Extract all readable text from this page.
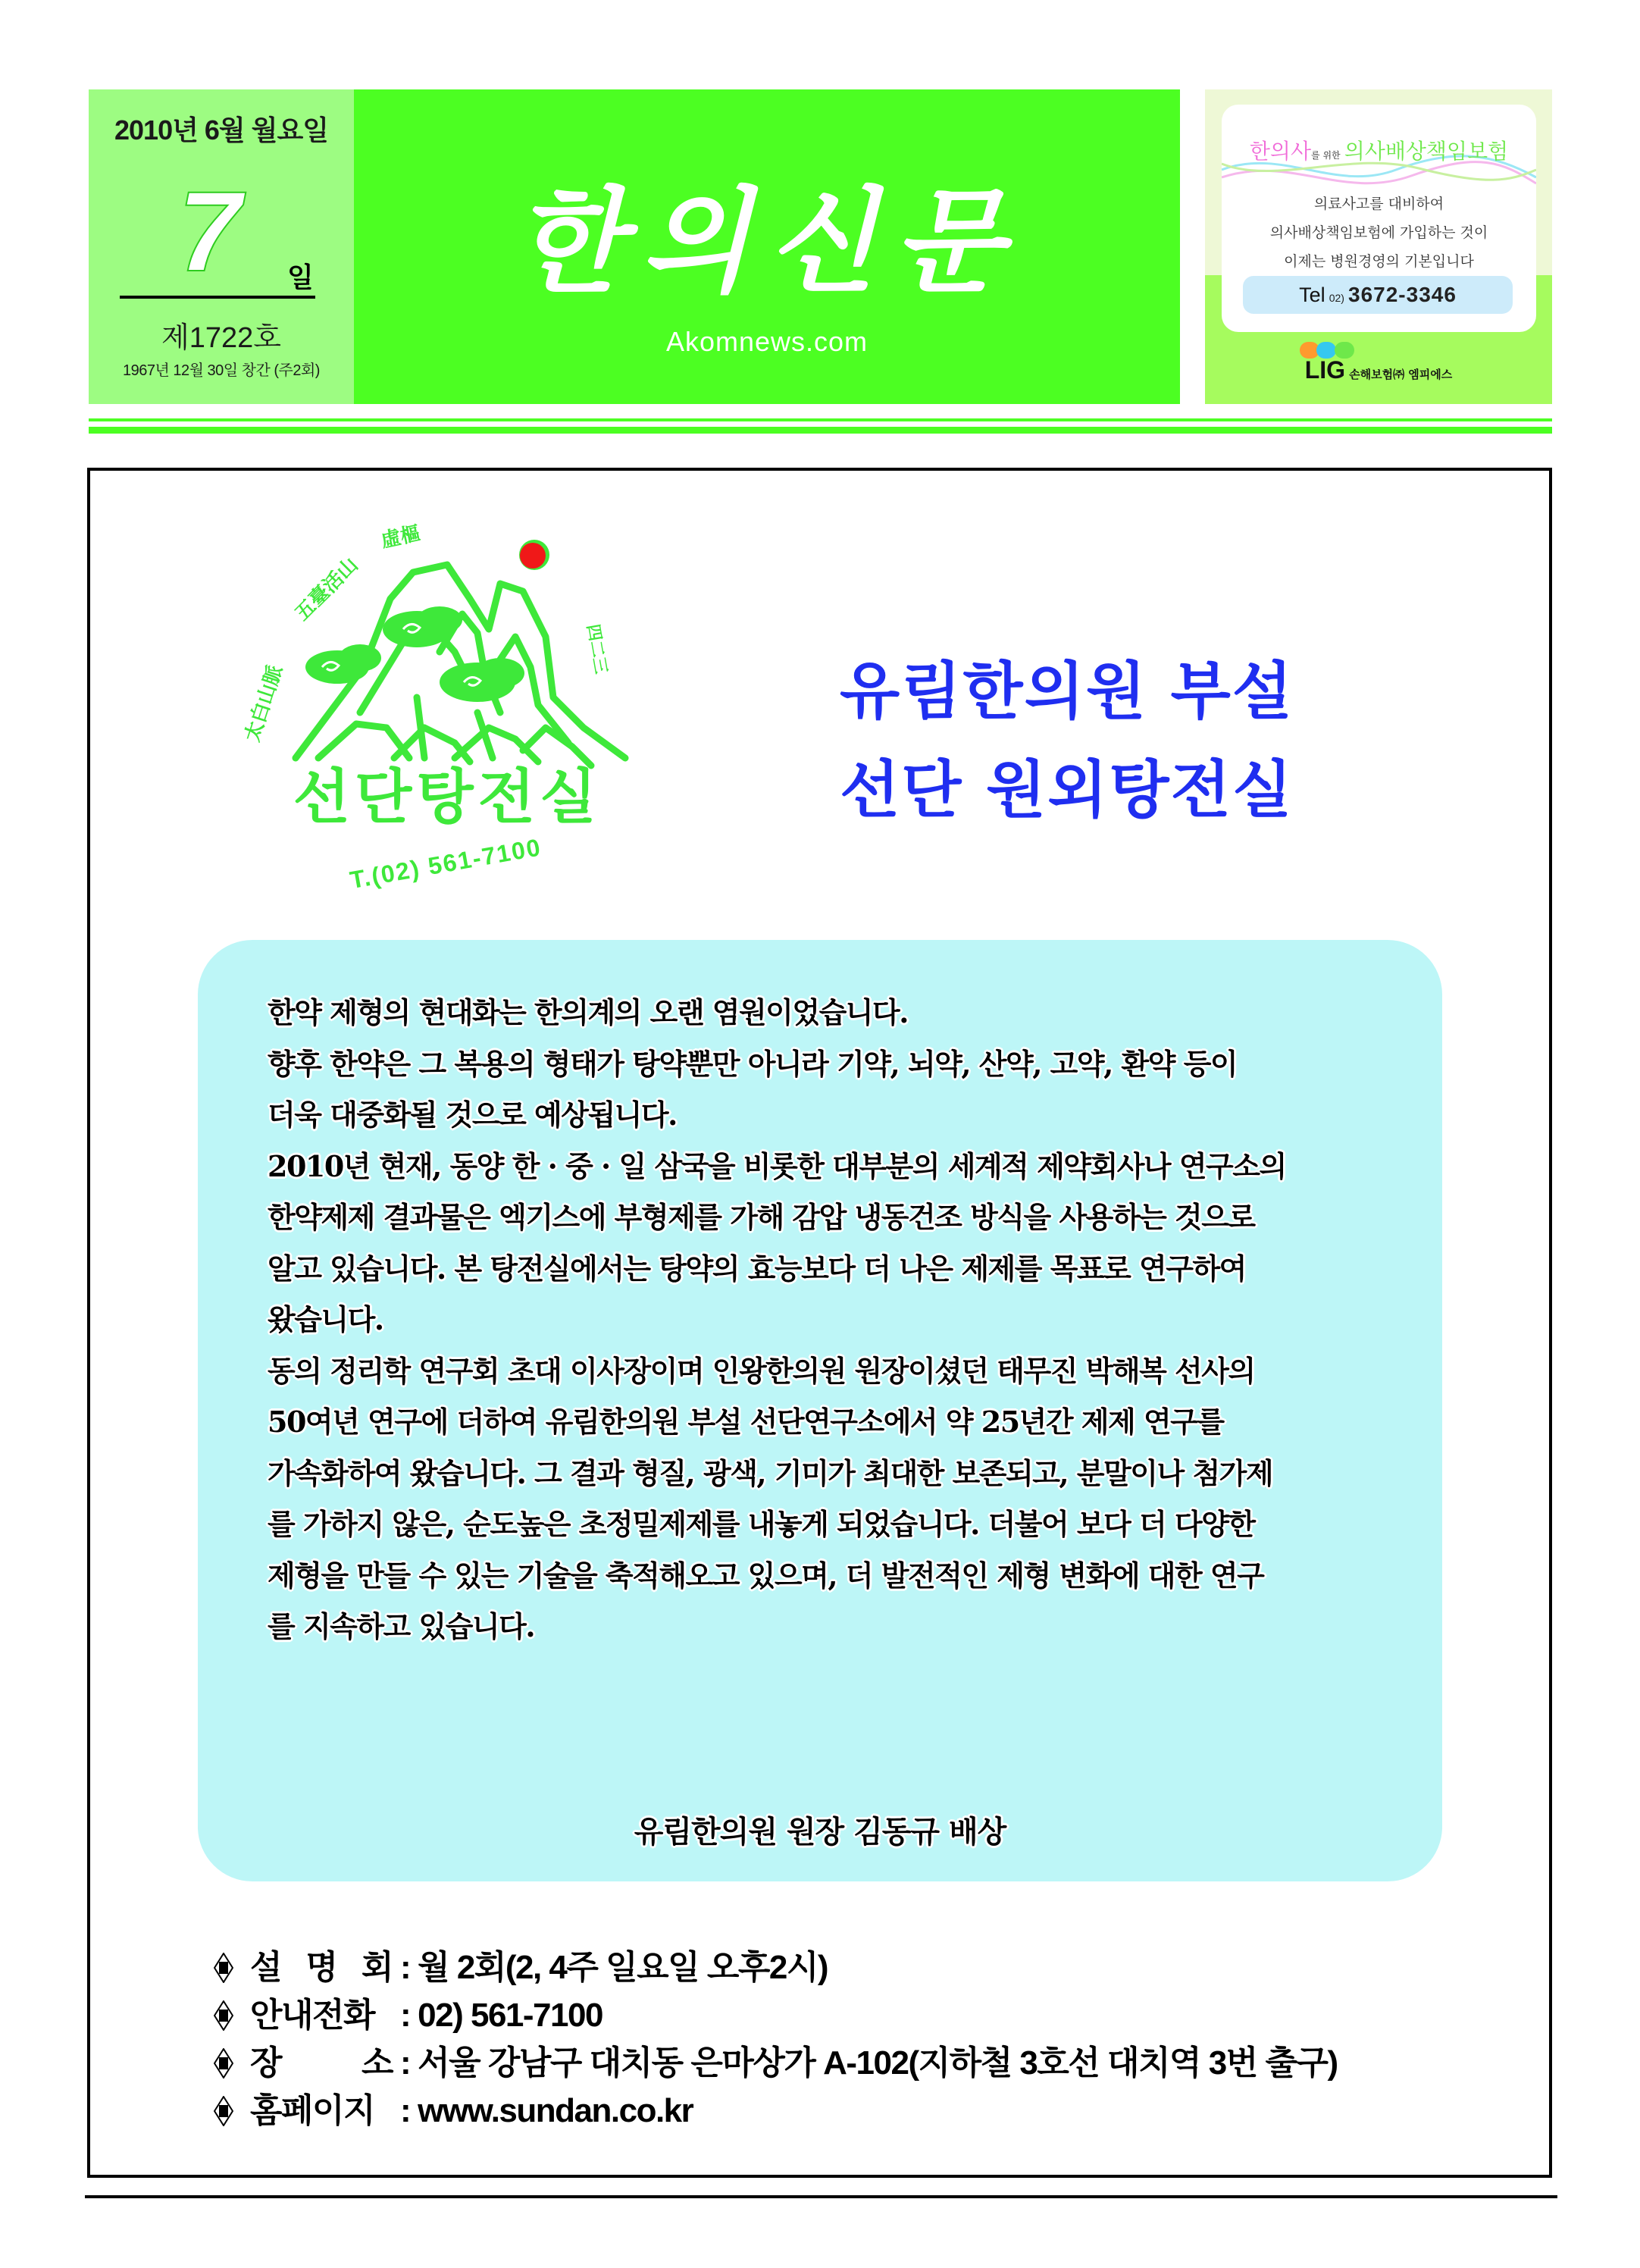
2010년 6월 월요일
7 일
제1722호
1967년 12월 30일 창간 (주2회)
한의신문
Akomnews.com
한의사를 위한 의사배상책임보험
의료사고를 대비하여
의사배상책임보험에 가입하는 것이
이제는 병원경영의 기본입니다
Tel 02) 3672-3346
LIG 손해보험㈜ 엠피에스
太白山脈
五臺活山
虛樞
四二三
선단탕전실
T.(02) 561-7100
유림한의원 부설
선단 원외탕전실
한약 제형의 현대화는 한의계의 오랜 염원이었습니다.
향후 한약은 그 복용의 형태가 탕약뿐만 아니라 기약, 뇌약, 산약, 고약, 환약 등이
더욱 대중화될 것으로 예상됩니다.
2010년 현재, 동양 한 · 중 · 일 삼국을 비롯한 대부분의 세계적 제약회사나 연구소의
한약제제 결과물은 엑기스에 부형제를 가해 감압 냉동건조 방식을 사용하는 것으로
알고 있습니다. 본 탕전실에서는 탕약의 효능보다 더 나은 제제를 목표로 연구하여
왔습니다.
동의 정리학 연구회 초대 이사장이며 인왕한의원 원장이셨던 태무진 박해복 선사의
50여년 연구에 더하여 유림한의원 부설 선단연구소에서 약 25년간 제제 연구를
가속화하여 왔습니다. 그 결과 형질, 광색, 기미가 최대한 보존되고, 분말이나 첨가제
를 가하지 않은, 순도높은 초정밀제제를 내놓게 되었습니다. 더불어 보다 더 다양한
제형을 만들 수 있는 기술을 축적해오고 있으며, 더 발전적인 제형 변화에 대한 연구
를 지속하고 있습니다.
유림한의원 원장 김동규 배상
설 명 회 : 월 2회(2, 4주 일요일 오후2시)
안내전화 : 02) 561-7100
장 소 : 서울 강남구 대치동 은마상가 A-102(지하철 3호선 대치역 3번 출구)
홈페이지 : www.sundan.co.kr
